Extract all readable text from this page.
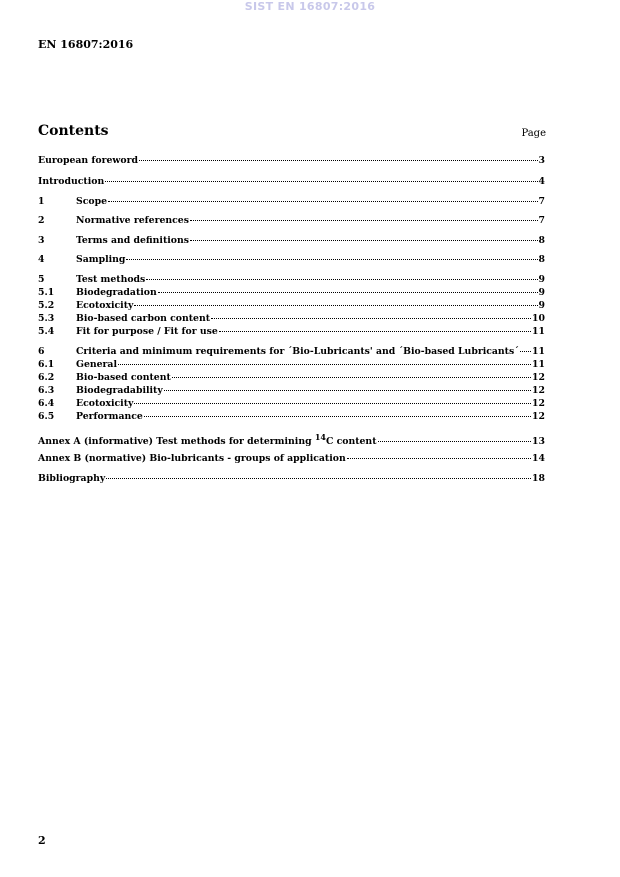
SIST EN 16807:2016
EN 16807:2016
Contents	Page
European foreword	3
Introduction	4
1	Scope	7
2	Normative references	7
3	Terms and definitions	8
4	Sampling	8
5	Test methods	9
5.1	Biodegradation	9
5.2	Ecotoxicity	9
5.3	Bio-based carbon content	10
5.4	Fit for purpose / Fit for use	11
6	Criteria and minimum requirements for ´Bio-Lubricants' and ´Bio-based Lubricants´ 11
6.1	General	11
6.2	Bio-based content	12
6.3	Biodegradability	12
6.4	Ecotoxicity	12
6.5	Performance	12
Annex A (informative) Test methods for determining $^{14}$C content	13
Annex B (normative) Bio-lubricants - groups of application	14
Bibliography	18
2
